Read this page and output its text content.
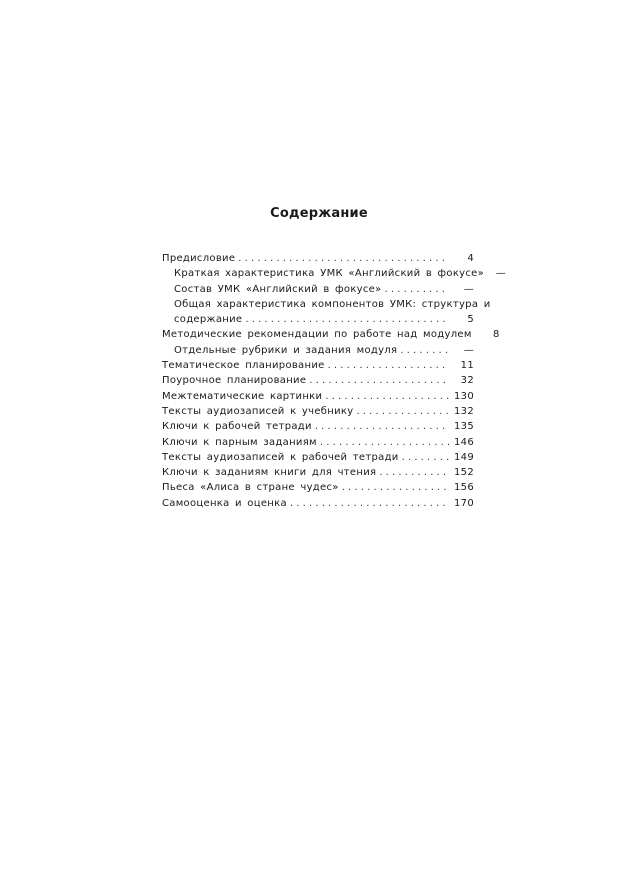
Содержание
Предисловие . . .	4
Краткая характеристика УМК «Английский в фокусе»	—
Состав УМК «Английский в фокусе» . . .	—
Общая характеристика компонентов УМК: структура и
содержание . . .	5
Методические рекомендации по работе над модулем	8
Отдельные рубрики и задания модуля . . .	—
Тематическое планирование . . .	11
Поурочное планирование . . .	32
Межтематические картинки . . .	130
Тексты аудиозаписей к учебнику . . .	132
Ключи к рабочей тетради . . .	135
Ключи к парным заданиям . . .	146
Тексты аудиозаписей к рабочей тетради . . .	149
Ключи к заданиям книги для чтения . . .	152
Пьеса «Алиса в стране чудес» . . .	156
Самооценка и оценка . . .	170
